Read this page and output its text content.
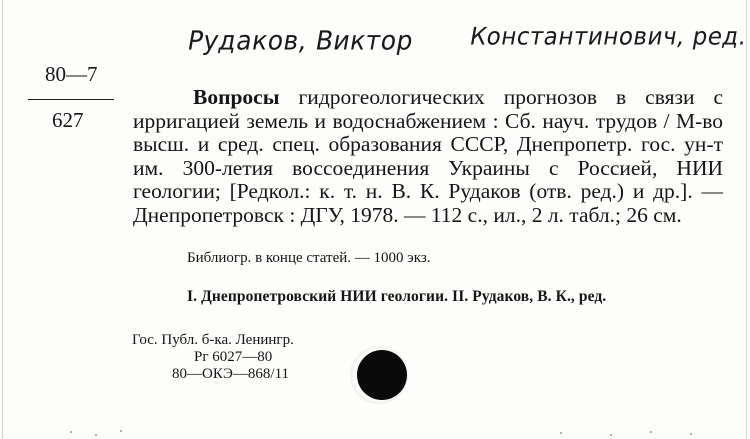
Рудаков, Виктор Константинович, ред.
80—7
627
Вопросы гидрогеологических прогнозов в связи с ирригацией земель и водоснабжением : Сб. науч. трудов / М-во высш. и сред. спец. образования СССР, Днепропетр. гос. ун-т им. 300-летия воссоединения Украины с Россией, НИИ геологии; [Редкол.: к. т. н. В. К. Рудаков (отв. ред.) и др.]. — Днепропетровск : ДГУ, 1978. — 112 с., ил., 2 л. табл.; 26 см.
Библиогр. в конце статей. — 1000 экз.
I. Днепропетровский НИИ геологии. II. Рудаков, В. К., ред.
Гос. Публ. б-ка. Ленингр.
Рг 6027—80
80—ОКЭ—868/11
